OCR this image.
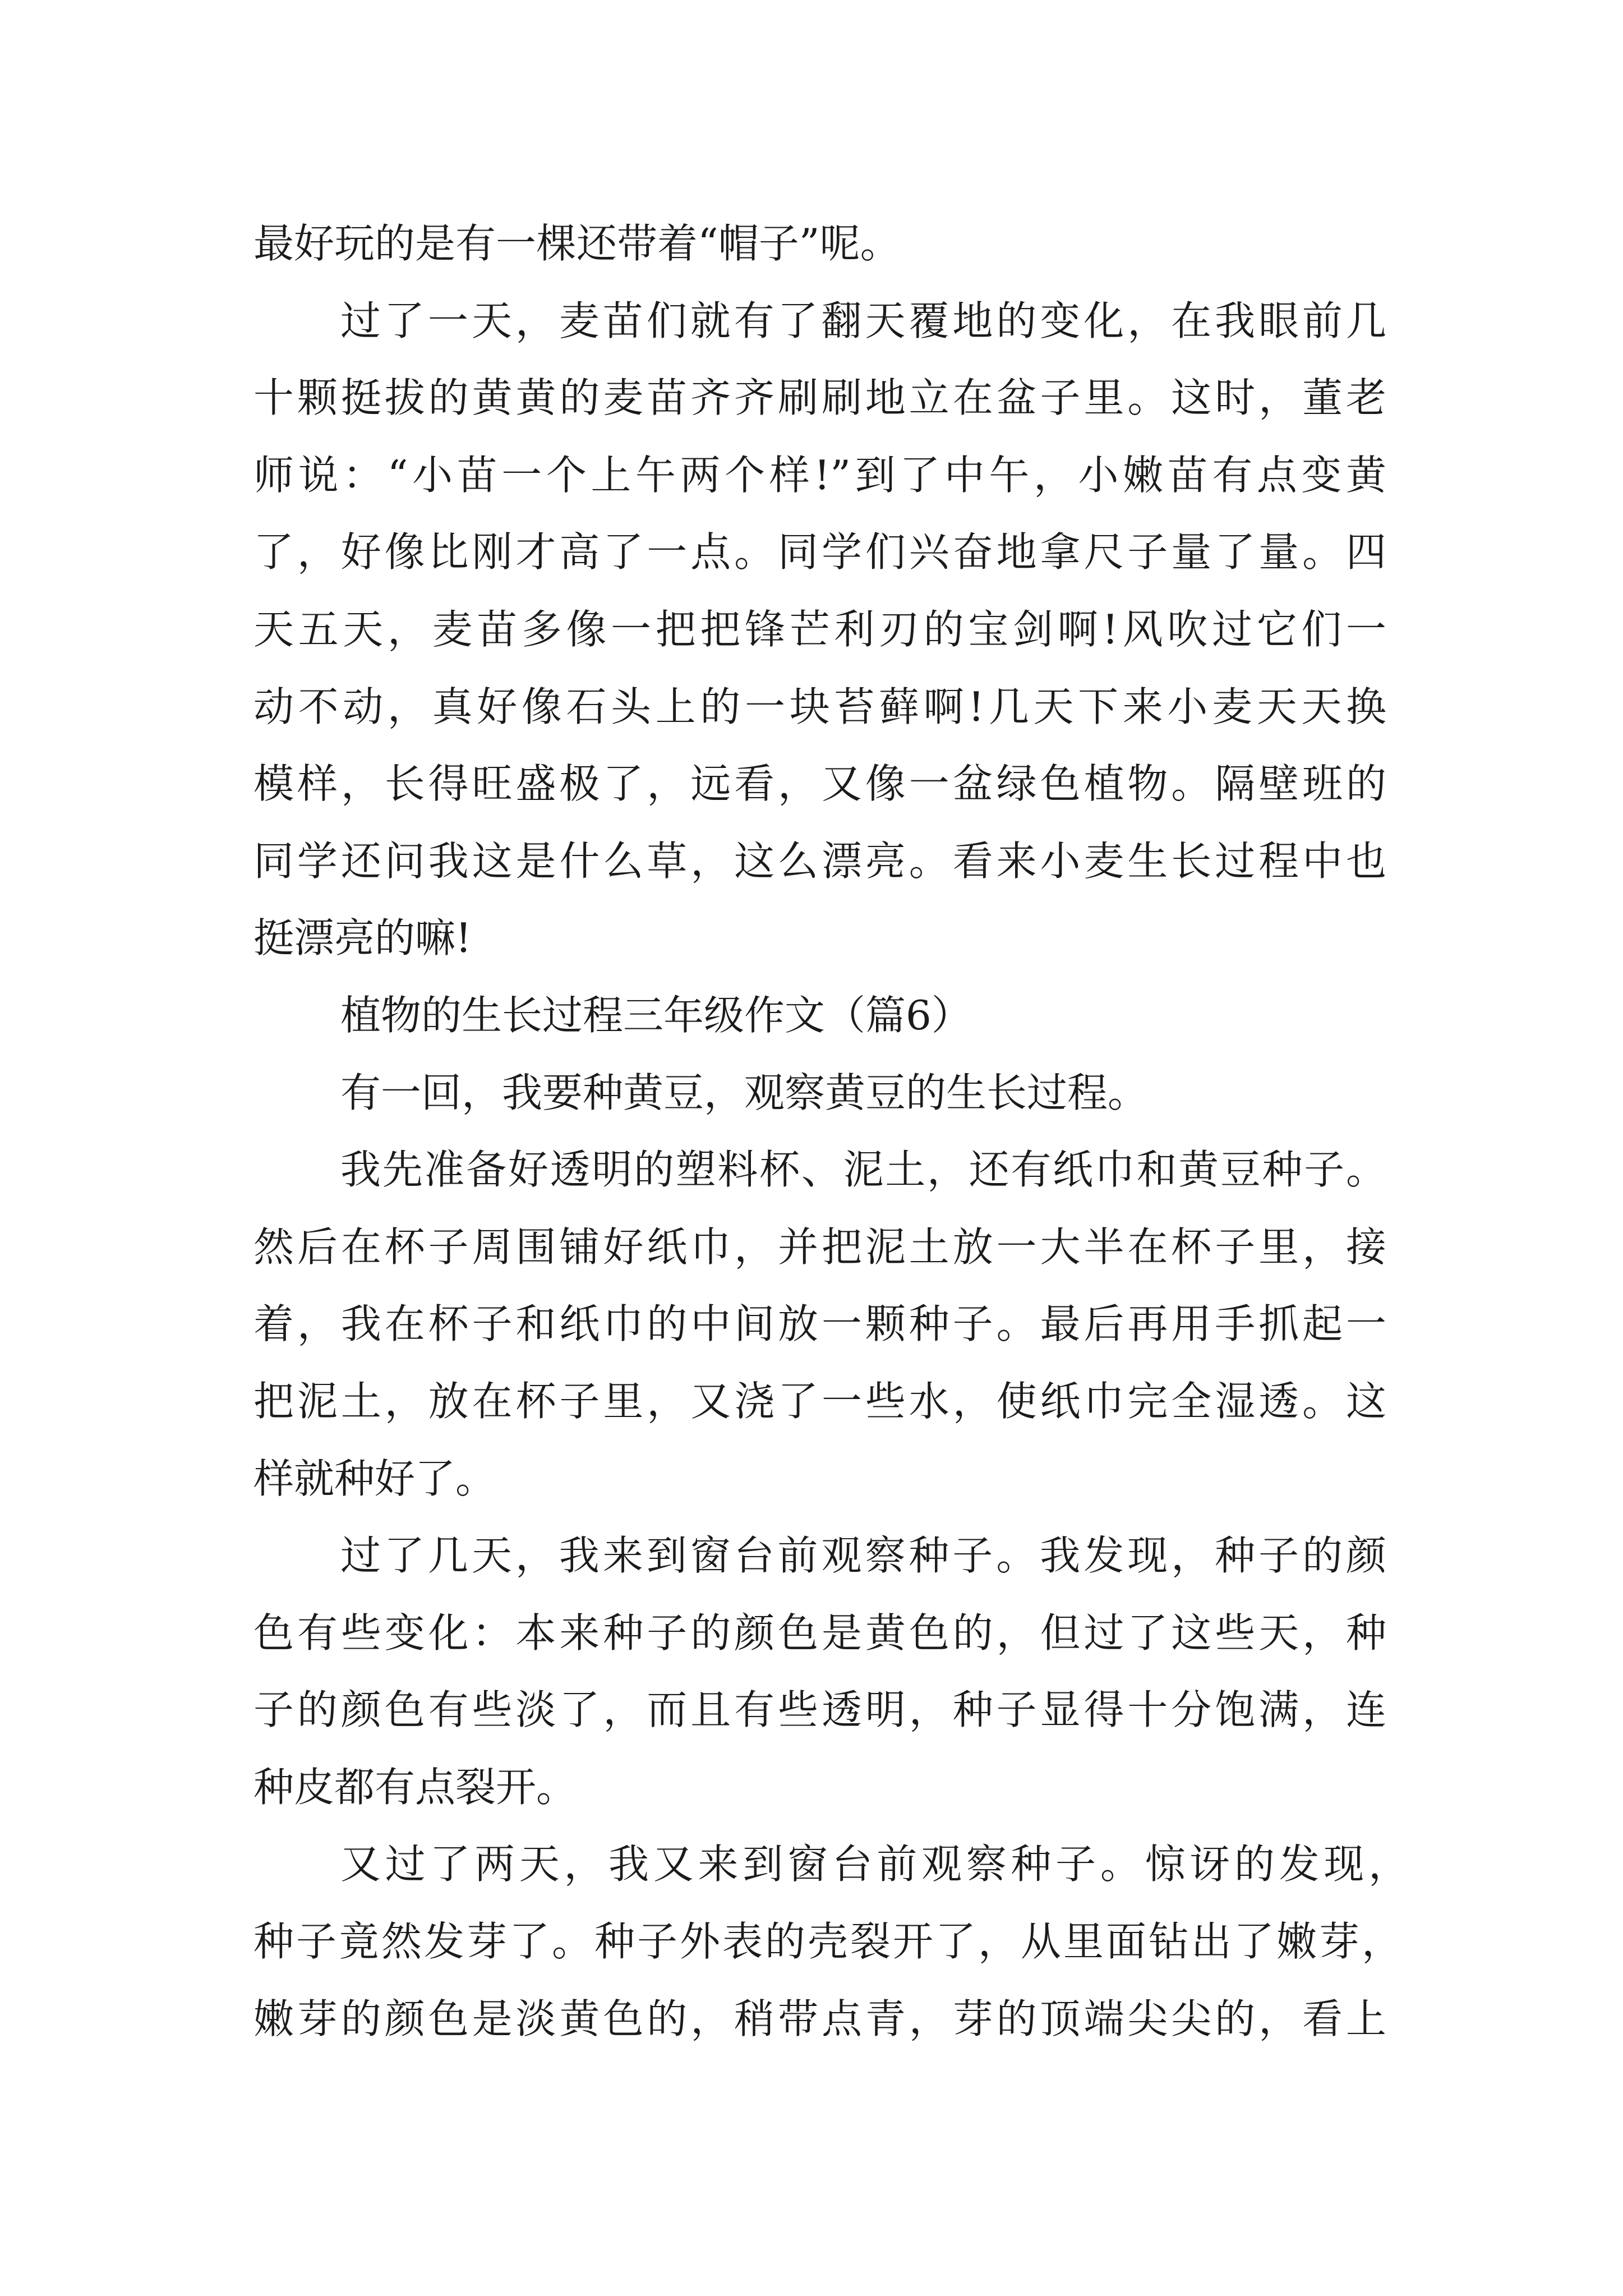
最好玩的是有一棵还带着“帽子”呢。
过了一天，麦苗们就有了翻天覆地的变化，在我眼前几
十颗挺拔的黄黄的麦苗齐齐刷刷地立在盆子里。这时，董老
师说：“小苗一个上午两个样!”到了中午，小嫩苗有点变黄
了，好像比刚才高了一点。同学们兴奋地拿尺子量了量。四
天五天，麦苗多像一把把锋芒利刃的宝剑啊!风吹过它们一
动不动，真好像石头上的一块苔藓啊!几天下来小麦天天换
模样，长得旺盛极了，远看，又像一盆绿色植物。隔壁班的
同学还问我这是什么草，这么漂亮。看来小麦生长过程中也
挺漂亮的嘛!
植物的生长过程三年级作文（篇6）
有一回，我要种黄豆，观察黄豆的生长过程。
我先准备好透明的塑料杯、泥土，还有纸巾和黄豆种子。
然后在杯子周围铺好纸巾，并把泥土放一大半在杯子里，接
着，我在杯子和纸巾的中间放一颗种子。最后再用手抓起一
把泥土，放在杯子里，又浇了一些水，使纸巾完全湿透。这
样就种好了。
过了几天，我来到窗台前观察种子。我发现，种子的颜
色有些变化：本来种子的颜色是黄色的，但过了这些天，种
子的颜色有些淡了，而且有些透明，种子显得十分饱满，连
种皮都有点裂开。
又过了两天，我又来到窗台前观察种子。惊讶的发现，
种子竟然发芽了。种子外表的壳裂开了，从里面钻出了嫩芽，
嫩芽的颜色是淡黄色的，稍带点青，芽的顶端尖尖的，看上
